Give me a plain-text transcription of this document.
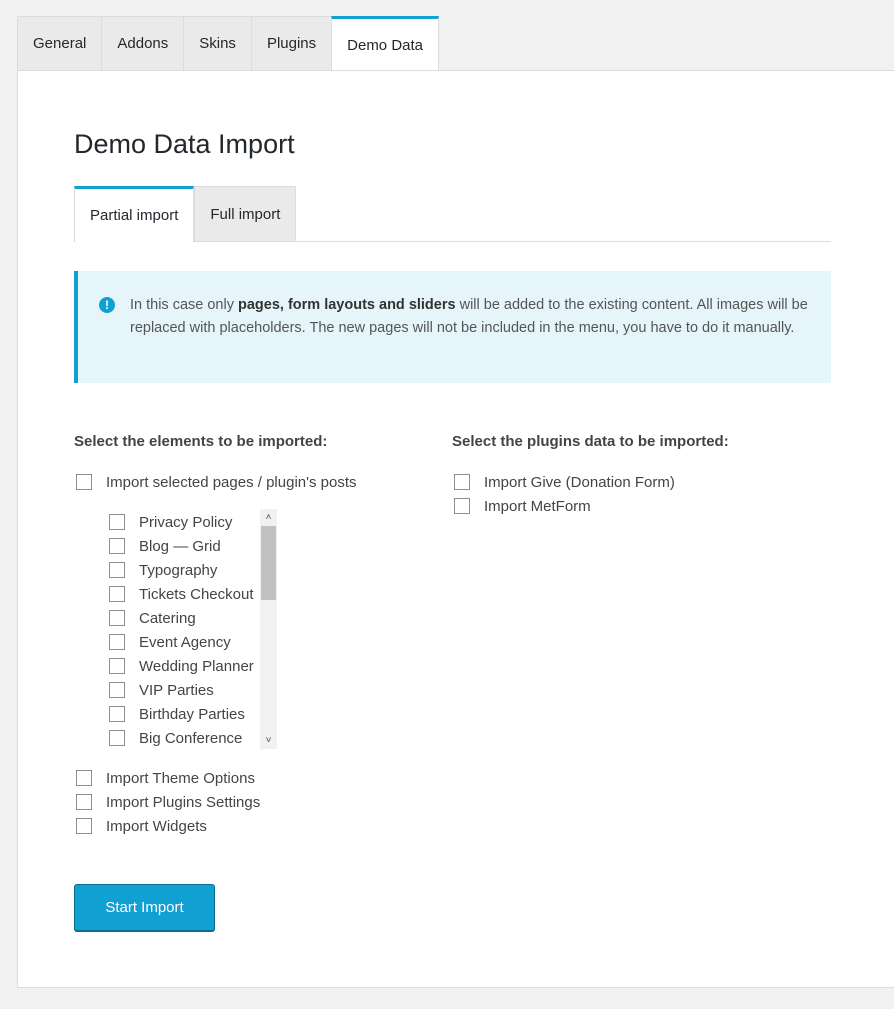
General	Addons	Skins	Plugins	Demo Data
Demo Data Import
Partial import	Full import
!	In this case only pages, form layouts and sliders will be added to the existing content. All images will be replaced with placeholders. The new pages will not be included in the menu, you have to do it manually.
Select the elements to be imported:
Import selected pages / plugin's posts
Privacy Policy
Blog — Grid
Typography
Tickets Checkout
Catering
Event Agency
Wedding Planner
VIP Parties
Birthday Parties
Big Conference
˄
˅
Import Theme Options
Import Plugins Settings
Import Widgets
Select the plugins data to be imported:
Import Give (Donation Form)
Import MetForm
Start Import
